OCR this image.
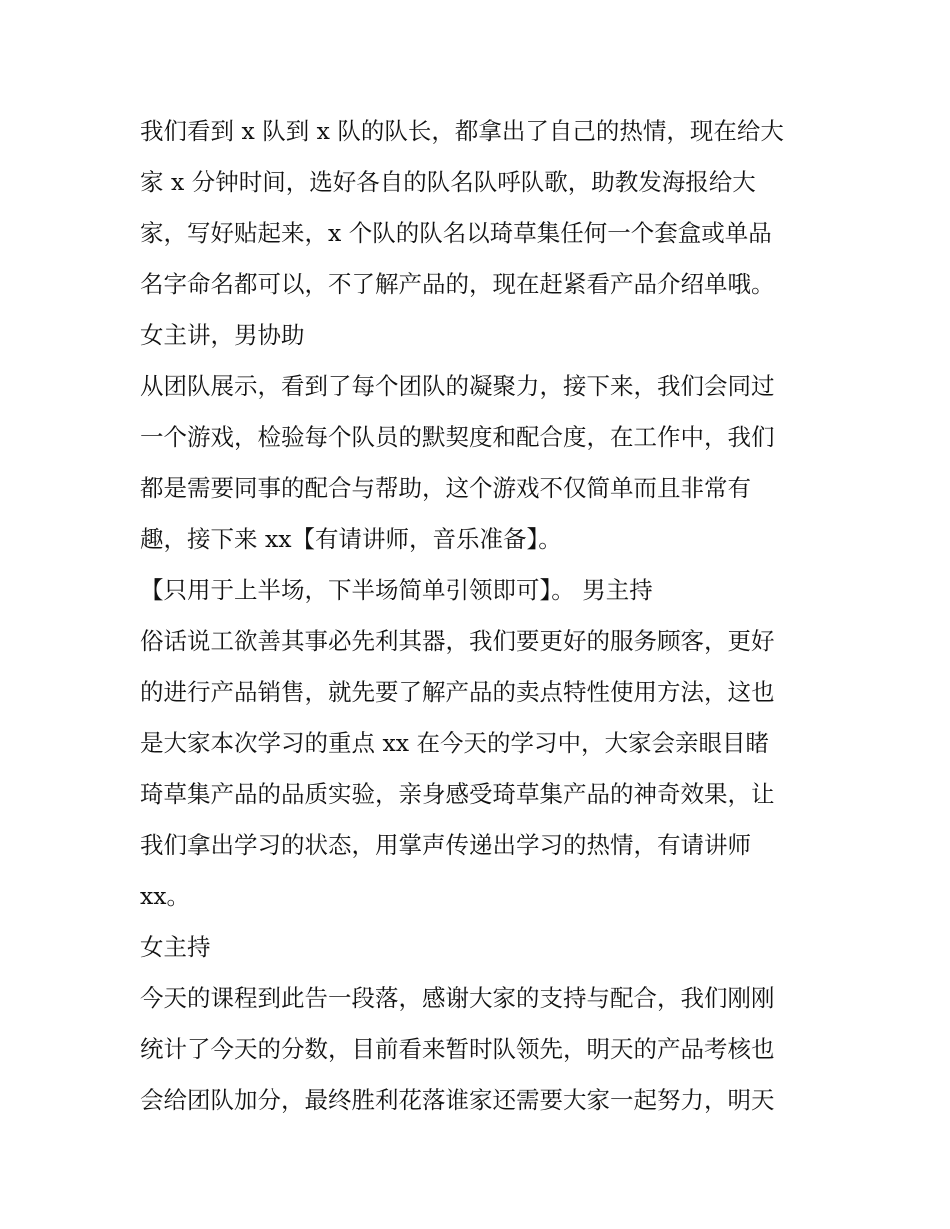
我们看到 x 队到 x 队的队长，都拿出了自己的热情，现在给大
家 x 分钟时间，选好各自的队名队呼队歌，助教发海报给大
家，写好贴起来，x 个队的队名以琦草集任何一个套盒或单品
名字命名都可以，不了解产品的，现在赶紧看产品介绍单哦。
女主讲，男协助
从团队展示，看到了每个团队的凝聚力，接下来，我们会同过
一个游戏，检验每个队员的默契度和配合度，在工作中，我们
都是需要同事的配合与帮助，这个游戏不仅简单而且非常有
趣，接下来 xx【有请讲师，音乐准备】。
【只用于上半场，下半场简单引领即可】。 男主持
俗话说工欲善其事必先利其器，我们要更好的服务顾客，更好
的进行产品销售，就先要了解产品的卖点特性使用方法，这也
是大家本次学习的重点 xx 在今天的学习中，大家会亲眼目睹
琦草集产品的品质实验，亲身感受琦草集产品的神奇效果，让
我们拿出学习的状态，用掌声传递出学习的热情，有请讲师
xx。
女主持
今天的课程到此告一段落，感谢大家的支持与配合，我们刚刚
统计了今天的分数，目前看来暂时队领先，明天的产品考核也
会给团队加分，最终胜利花落谁家还需要大家一起努力，明天
